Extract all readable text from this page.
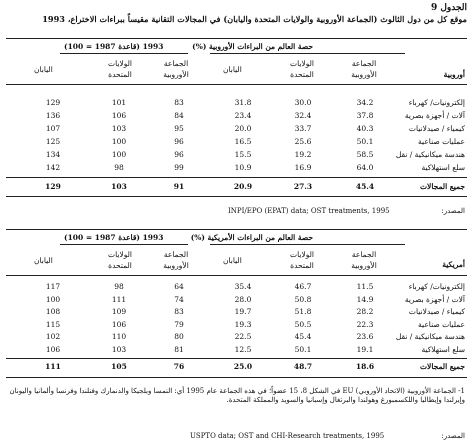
الجدول 9
موقع كل من دول الثالوث (الجماعة الأوروبية والولايات المتحدة واليابان) في المجالات التقانية مقيساً ببراءات الاختراع، 1993
حصة العالم من البراءات الأوروبية (%)
1993 (قاعدة 1987 = 100)
أوروبية
الجماعة الأوروبية
الولايات المتحدة
اليابان
الجماعة الأوروبية
الولايات المتحدة
اليابان
إلكترونيات/ كهرباء
34.2
30.0
31.8
83
101
129
آلات / أجهزة بصرية
37.8
32.4
23.4
84
106
136
كيمياء / صيدلانيات
40.3
33.7
20.0
95
103
107
عمليات صناعية
50.1
25.6
16.5
96
100
125
هندسة ميكانيكية / نقل
58.5
19.2
15.5
96
100
134
سلع استهلاكية
64.0
16.9
10.9
99
98
142
جميع المجالات
45.4
27.3
20.9
91
103
129
المصدر:
INPI/EPO (EPAT) data; OST treatments, 1995
حصة العالم من البراءات الأمريكية (%)
1993 (قاعدة 1987 = 100)
أمريكية
الجماعة الأوروبية
الولايات المتحدة
اليابان
الجماعة الأوروبية
الولايات المتحدة
اليابان
إلكترونيات/ كهرباء
11.5
46.7
35.4
64
98
117
آلات / أجهزة بصرية
14.9
50.8
28.0
74
111
100
كيمياء / صيدلانيات
28.2
51.8
19.7
83
109
108
عمليات صناعية
22.3
50.5
19.3
79
106
115
هندسة ميكانيكية / نقل
23.6
45.4
22.5
80
110
102
سلع استهلاكية
19.1
50.1
12.5
81
103
106
جميع المجالات
18.6
48.7
25.0
76
105
111
1- الجماعة الأوروبية (الاتحاد الأوروبي) EU في الشكل 8، 15 عضواً؛ في هذه الجماعة عام 1995 أي: النمسا وبلجيكا والدنمارك وفنلندا وفرنسا وألمانيا واليونان وإيرلندا وإيطاليا واللكسمبورغ وهولندا والبرتغال وإسبانيا والسويد والمملكة المتحدة.
المصدر:
USPTO data; OST and CHI-Research treatments, 1995
